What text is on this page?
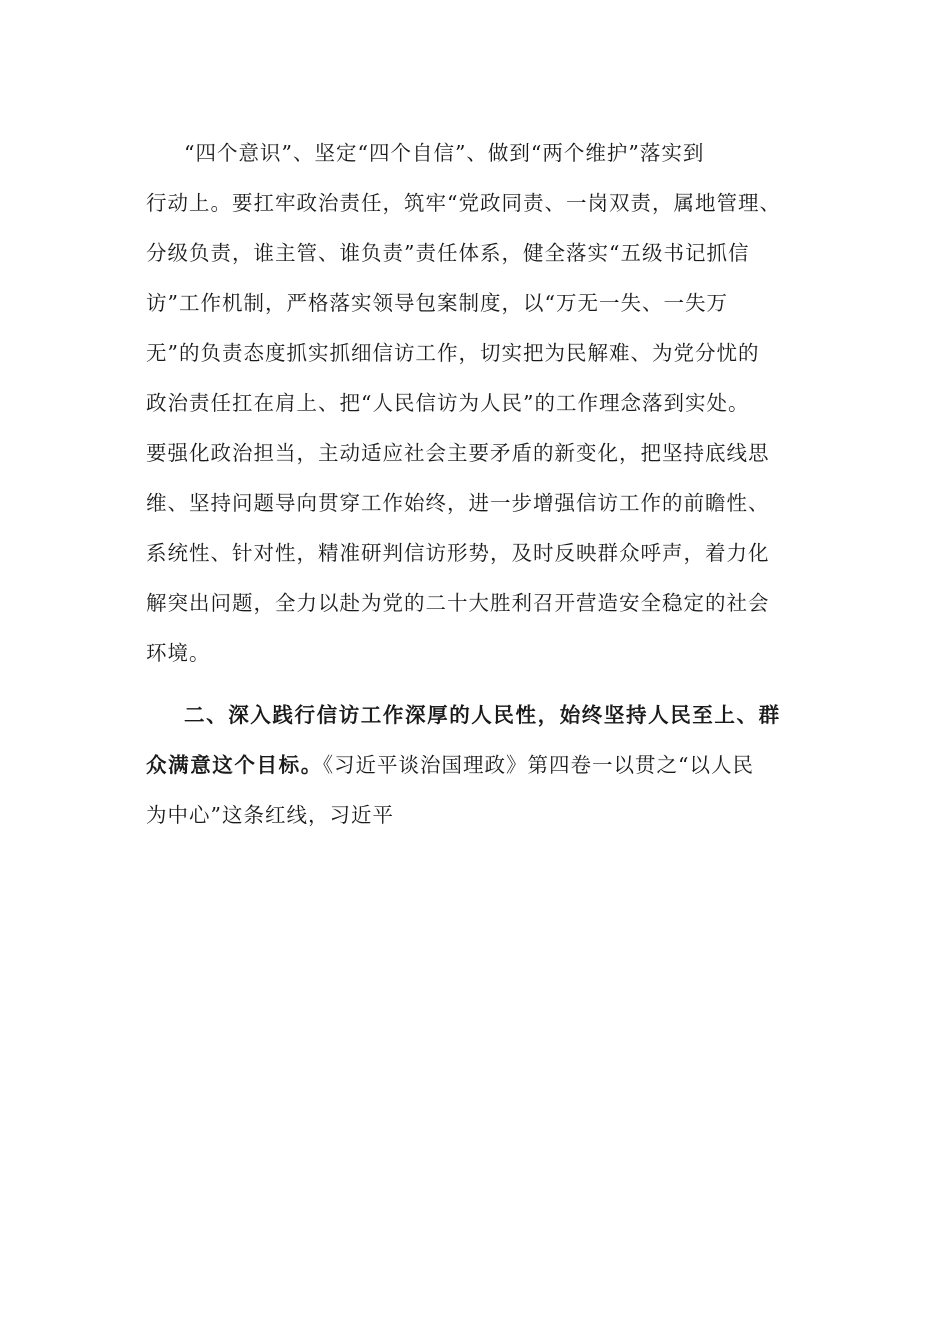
“四个意识”、坚定“四个自信”、做到“两个维护”落实到
行动上。要扛牢政治责任，筑牢“党政同责、一岗双责，属地管理、
分级负责，谁主管、谁负责”责任体系，健全落实“五级书记抓信
访”工作机制，严格落实领导包案制度，以“万无一失、一失万
无”的负责态度抓实抓细信访工作，切实把为民解难、为党分忧的
政治责任扛在肩上、把“人民信访为人民”的工作理念落到实处。
要强化政治担当，主动适应社会主要矛盾的新变化，把坚持底线思
维、坚持问题导向贯穿工作始终，进一步增强信访工作的前瞻性、
系统性、针对性，精准研判信访形势，及时反映群众呼声，着力化
解突出问题，全力以赴为党的二十大胜利召开营造安全稳定的社会
环境。
二、深入践行信访工作深厚的人民性，始终坚持人民至上、群
众满意这个目标。《习近平谈治国理政》第四卷一以贯之“以人民
为中心”这条红线，习近平
